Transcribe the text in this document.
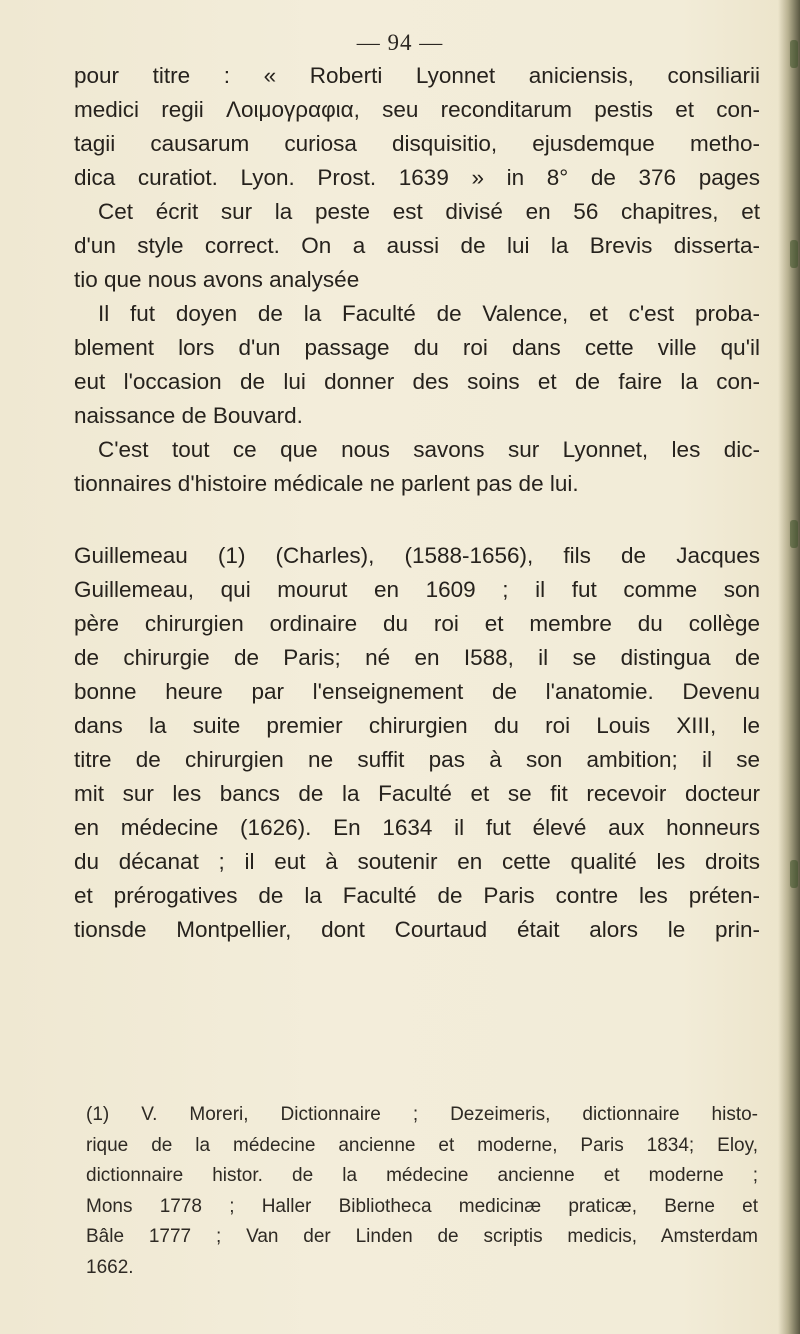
— 94 —
pour titre : « Roberti Lyonnet aniciensis, consiliarii
medici regii Λοιμογραφια, seu reconditarum pestis et con-
tagii causarum curiosa disquisitio, ejusdemque metho-
dica curatiot. Lyon. Prost. 1639 » in 8° de 376 pages
Cet écrit sur la peste est divisé en 56 chapitres, et
d'un style correct. On a aussi de lui la Brevis disserta-
tio que nous avons analysée
Il fut doyen de la Faculté de Valence, et c'est proba-
blement lors d'un passage du roi dans cette ville qu'il
eut l'occasion de lui donner des soins et de faire la con-
naissance de Bouvard.
C'est tout ce que nous savons sur Lyonnet, les dic-
tionnaires d'histoire médicale ne parlent pas de lui.
Guillemeau (1) (Charles), (1588-1656), fils de Jacques
Guillemeau, qui mourut en 1609 ; il fut comme son
père chirurgien ordinaire du roi et membre du collège
de chirurgie de Paris; né en I588, il se distingua de
bonne heure par l'enseignement de l'anatomie. Devenu
dans la suite premier chirurgien du roi Louis XIII, le
titre de chirurgien ne suffit pas à son ambition; il se
mit sur les bancs de la Faculté et se fit recevoir docteur
en médecine (1626). En 1634 il fut élevé aux honneurs
du décanat ; il eut à soutenir en cette qualité les droits
et prérogatives de la Faculté de Paris contre les préten-
tionsde Montpellier, dont Courtaud était alors le prin-
(1) V. Moreri, Dictionnaire ; Dezeimeris, dictionnaire histo-
rique de la médecine ancienne et moderne, Paris 1834; Eloy,
dictionnaire histor. de la médecine ancienne et moderne ;
Mons 1778 ; Haller Bibliotheca medicinæ praticæ, Berne et
Bâle 1777 ; Van der Linden de scriptis medicis, Amsterdam
1662.
